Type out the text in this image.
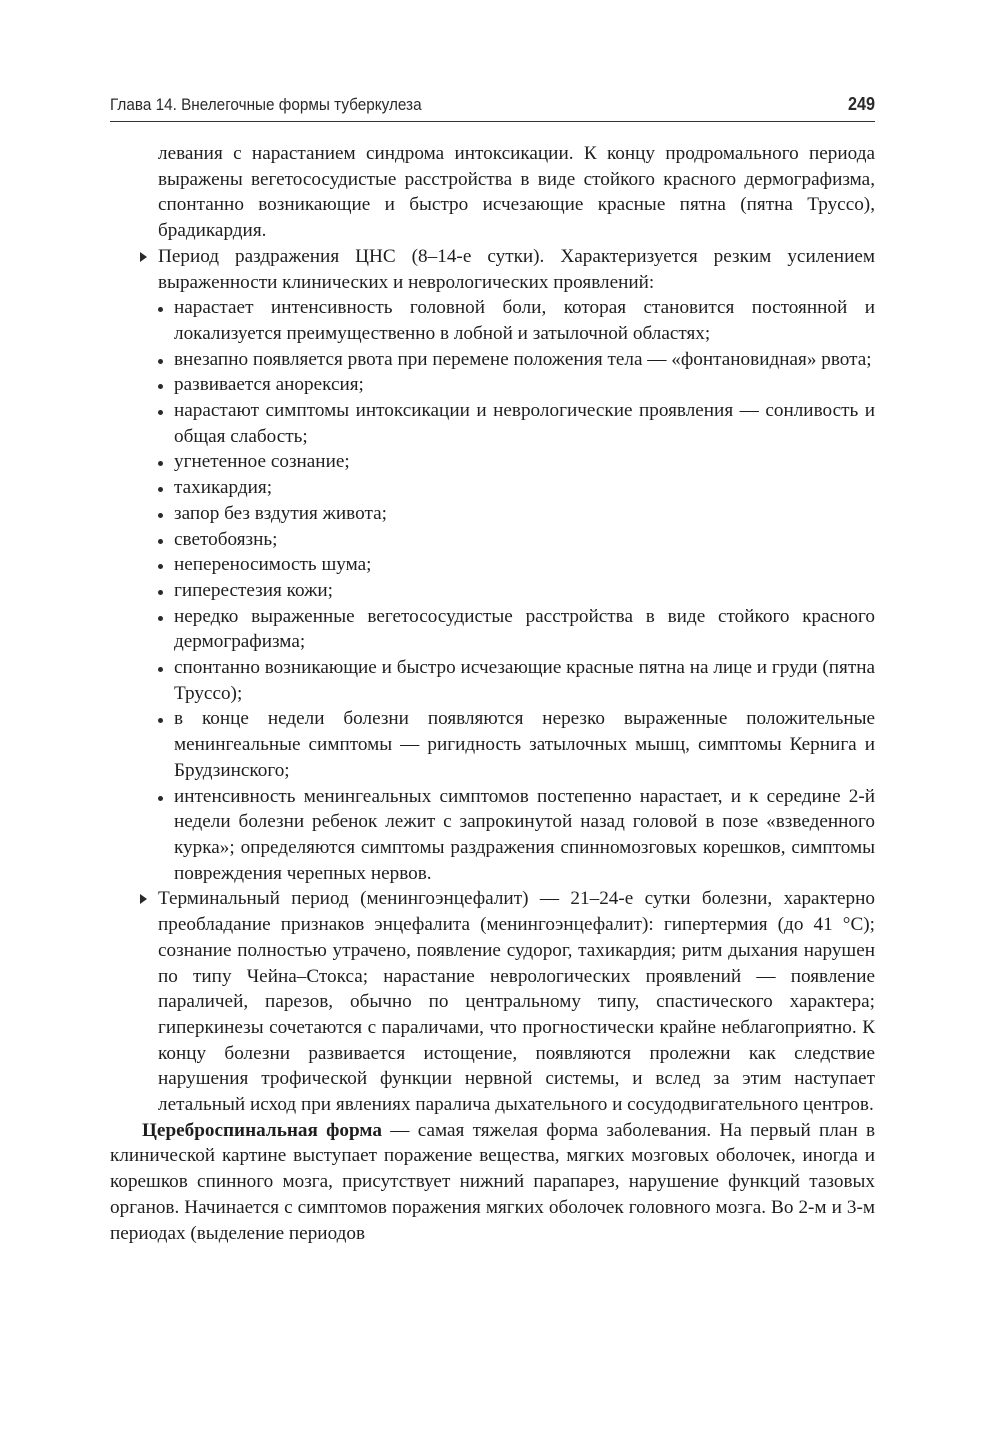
Глава 14. Внелегочные формы туберкулеза	249

левания с нарастанием синдрома интоксикации. К концу продромального периода выражены вегетососудистые расстройства в виде стойкого красного дермографизма, спонтанно возникающие и быстро исчезающие красные пятна (пятна Труссо), брадикардия.

Период раздражения ЦНС (8–14-е сутки). Характеризуется резким усилением выраженности клинических и неврологических проявлений:

нарастает интенсивность головной боли, которая становится постоянной и локализуется преимущественно в лобной и затылочной областях;
внезапно появляется рвота при перемене положения тела — «фонтановидная» рвота;
развивается анорексия;
нарастают симптомы интоксикации и неврологические проявления — сонливость и общая слабость;
угнетенное сознание;
тахикардия;
запор без вздутия живота;
светобоязнь;
непереносимость шума;
гиперестезия кожи;
нередко выраженные вегетососудистые расстройства в виде стойкого красного дермографизма;
спонтанно возникающие и быстро исчезающие красные пятна на лице и груди (пятна Труссо);
в конце недели болезни появляются нерезко выраженные положительные менингеальные симптомы — ригидность затылочных мышц, симптомы Кернига и Брудзинского;
интенсивность менингеальных симптомов постепенно нарастает, и к середине 2-й недели болезни ребенок лежит с запрокинутой назад головой в позе «взведенного курка»; определяются симптомы раздражения спинномозговых корешков, симптомы повреждения черепных нервов.

Терминальный период (менингоэнцефалит) — 21–24-е сутки болезни, характерно преобладание признаков энцефалита (менингоэнцефалит): гипертермия (до 41 °С); сознание полностью утрачено, появление судорог, тахикардия; ритм дыхания нарушен по типу Чейна–Стокса; нарастание неврологических проявлений — появление параличей, парезов, обычно по центральному типу, спастического характера; гиперкинезы сочетаются с параличами, что прогностически крайне неблагоприятно. К концу болезни развивается истощение, появляются пролежни как следствие нарушения трофической функции нервной системы, и вслед за этим наступает летальный исход при явлениях паралича дыхательного и сосудодвигательного центров.

Цереброспинальная форма — самая тяжелая форма заболевания. На первый план в клинической картине выступает поражение вещества, мягких мозговых оболочек, иногда и корешков спинного мозга, присутствует нижний парапарез, нарушение функций тазовых органов. Начинается с симптомов поражения мягких оболочек головного мозга. Во 2-м и 3-м периодах (выделение периодов
